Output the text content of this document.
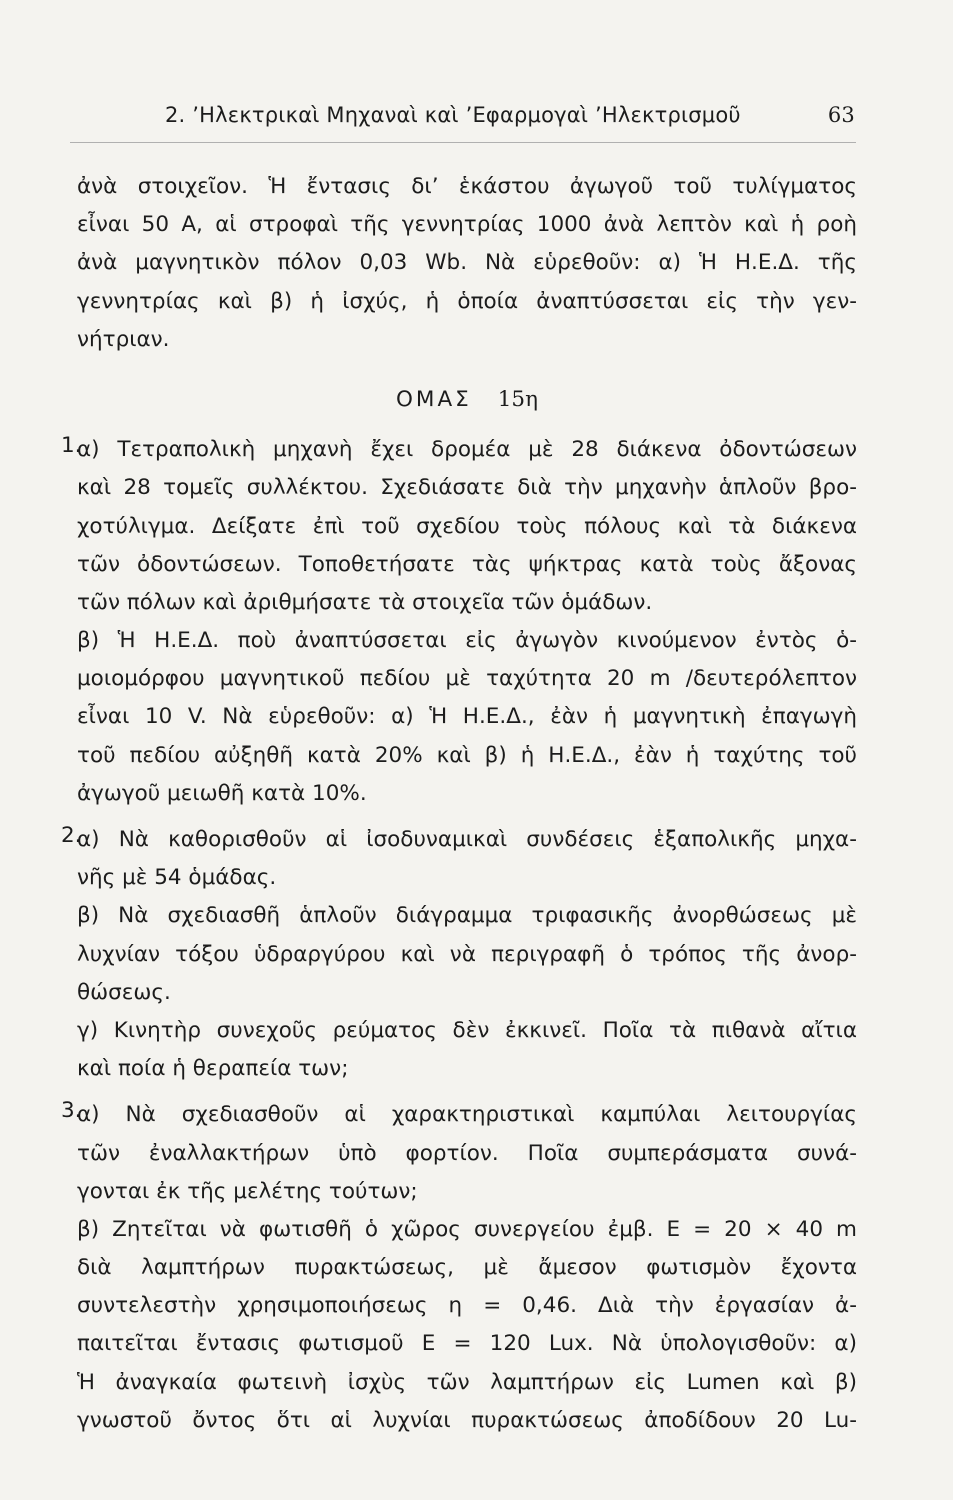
2. ’Ηλεκτρικαὶ Μηχαναὶ καὶ ’Εφαρμογαὶ ’Ηλεκτρισμοῦ	63
ἀνὰ στοιχεῖον. Ἡ ἔντασις δι’ ἑκάστου ἀγωγοῦ τοῦ τυλίγματος
εἶναι 50 A, αἱ στροφαὶ τῆς γεννητρίας 1000 ἀνὰ λεπτὸν καὶ ἡ ροὴ
ἀνὰ μαγνητικὸν πόλον 0,03 Wb. Νὰ εὑρεθοῦν: α) Ἡ Η.Ε.Δ. τῆς
γεννητρίας καὶ β) ἡ ἰσχύς, ἡ ὁποία ἀναπτύσσεται εἰς τὴν γεν-
νήτριαν.
ΟΜΑΣ 15η
1.
α) Τετραπολικὴ μηχανὴ ἔχει δρομέα μὲ 28 διάκενα ὀδοντώσεων
καὶ 28 τομεῖς συλλέκτου. Σχεδιάσατε διὰ τὴν μηχανὴν ἁπλοῦν βρο-
χοτύλιγμα. Δείξατε ἐπὶ τοῦ σχεδίου τοὺς πόλους καὶ τὰ διάκενα
τῶν ὀδοντώσεων. Τοποθετήσατε τὰς ψήκτρας κατὰ τοὺς ἄξονας
τῶν πόλων καὶ ἀριθμήσατε τὰ στοιχεῖα τῶν ὁμάδων.
β) Ἡ Η.Ε.Δ. ποὺ ἀναπτύσσεται εἰς ἀγωγὸν κινούμενον ἐντὸς ὁ-
μοιομόρφου μαγνητικοῦ πεδίου μὲ ταχύτητα 20 m /δευτερόλεπτον
εἶναι 10 V. Νὰ εὑρεθοῦν: α) Ἡ Η.Ε.Δ., ἐὰν ἡ μαγνητικὴ ἐπαγωγὴ
τοῦ πεδίου αὐξηθῆ κατὰ 20% καὶ β) ἡ Η.Ε.Δ., ἐὰν ἡ ταχύτης τοῦ
ἀγωγοῦ μειωθῆ κατὰ 10%.
2.
α) Νὰ καθορισθοῦν αἱ ἰσοδυναμικαὶ συνδέσεις ἑξαπολικῆς μηχα-
νῆς μὲ 54 ὁμάδας.
β) Νὰ σχεδιασθῆ ἁπλοῦν διάγραμμα τριφασικῆς ἀνορθώσεως μὲ
λυχνίαν τόξου ὑδραργύρου καὶ νὰ περιγραφῆ ὁ τρόπος τῆς ἀνορ-
θώσεως.
γ) Κινητὴρ συνεχοῦς ρεύματος δὲν ἐκκινεῖ. Ποῖα τὰ πιθανὰ αἴτια
καὶ ποία ἡ θεραπεία των;
3.
α) Νὰ σχεδιασθοῦν αἱ χαρακτηριστικαὶ καμπύλαι λειτουργίας
τῶν ἐναλλακτήρων ὑπὸ φορτίον. Ποῖα συμπεράσματα συνά-
γονται ἐκ τῆς μελέτης τούτων;
β) Ζητεῖται νὰ φωτισθῆ ὁ χῶρος συνεργείου ἐμβ. E = 20 × 40 m
διὰ λαμπτήρων πυρακτώσεως, μὲ ἄμεσον φωτισμὸν ἔχοντα
συντελεστὴν χρησιμοποιήσεως η = 0,46. Διὰ τὴν ἐργασίαν ἀ-
παιτεῖται ἔντασις φωτισμοῦ E = 120 Lux. Νὰ ὑπολογισθοῦν: α)
Ἡ ἀναγκαία φωτεινὴ ἰσχὺς τῶν λαμπτήρων εἰς Lumen καὶ β)
γνωστοῦ ὄντος ὅτι αἱ λυχνίαι πυρακτώσεως ἀποδίδουν 20 Lu-
